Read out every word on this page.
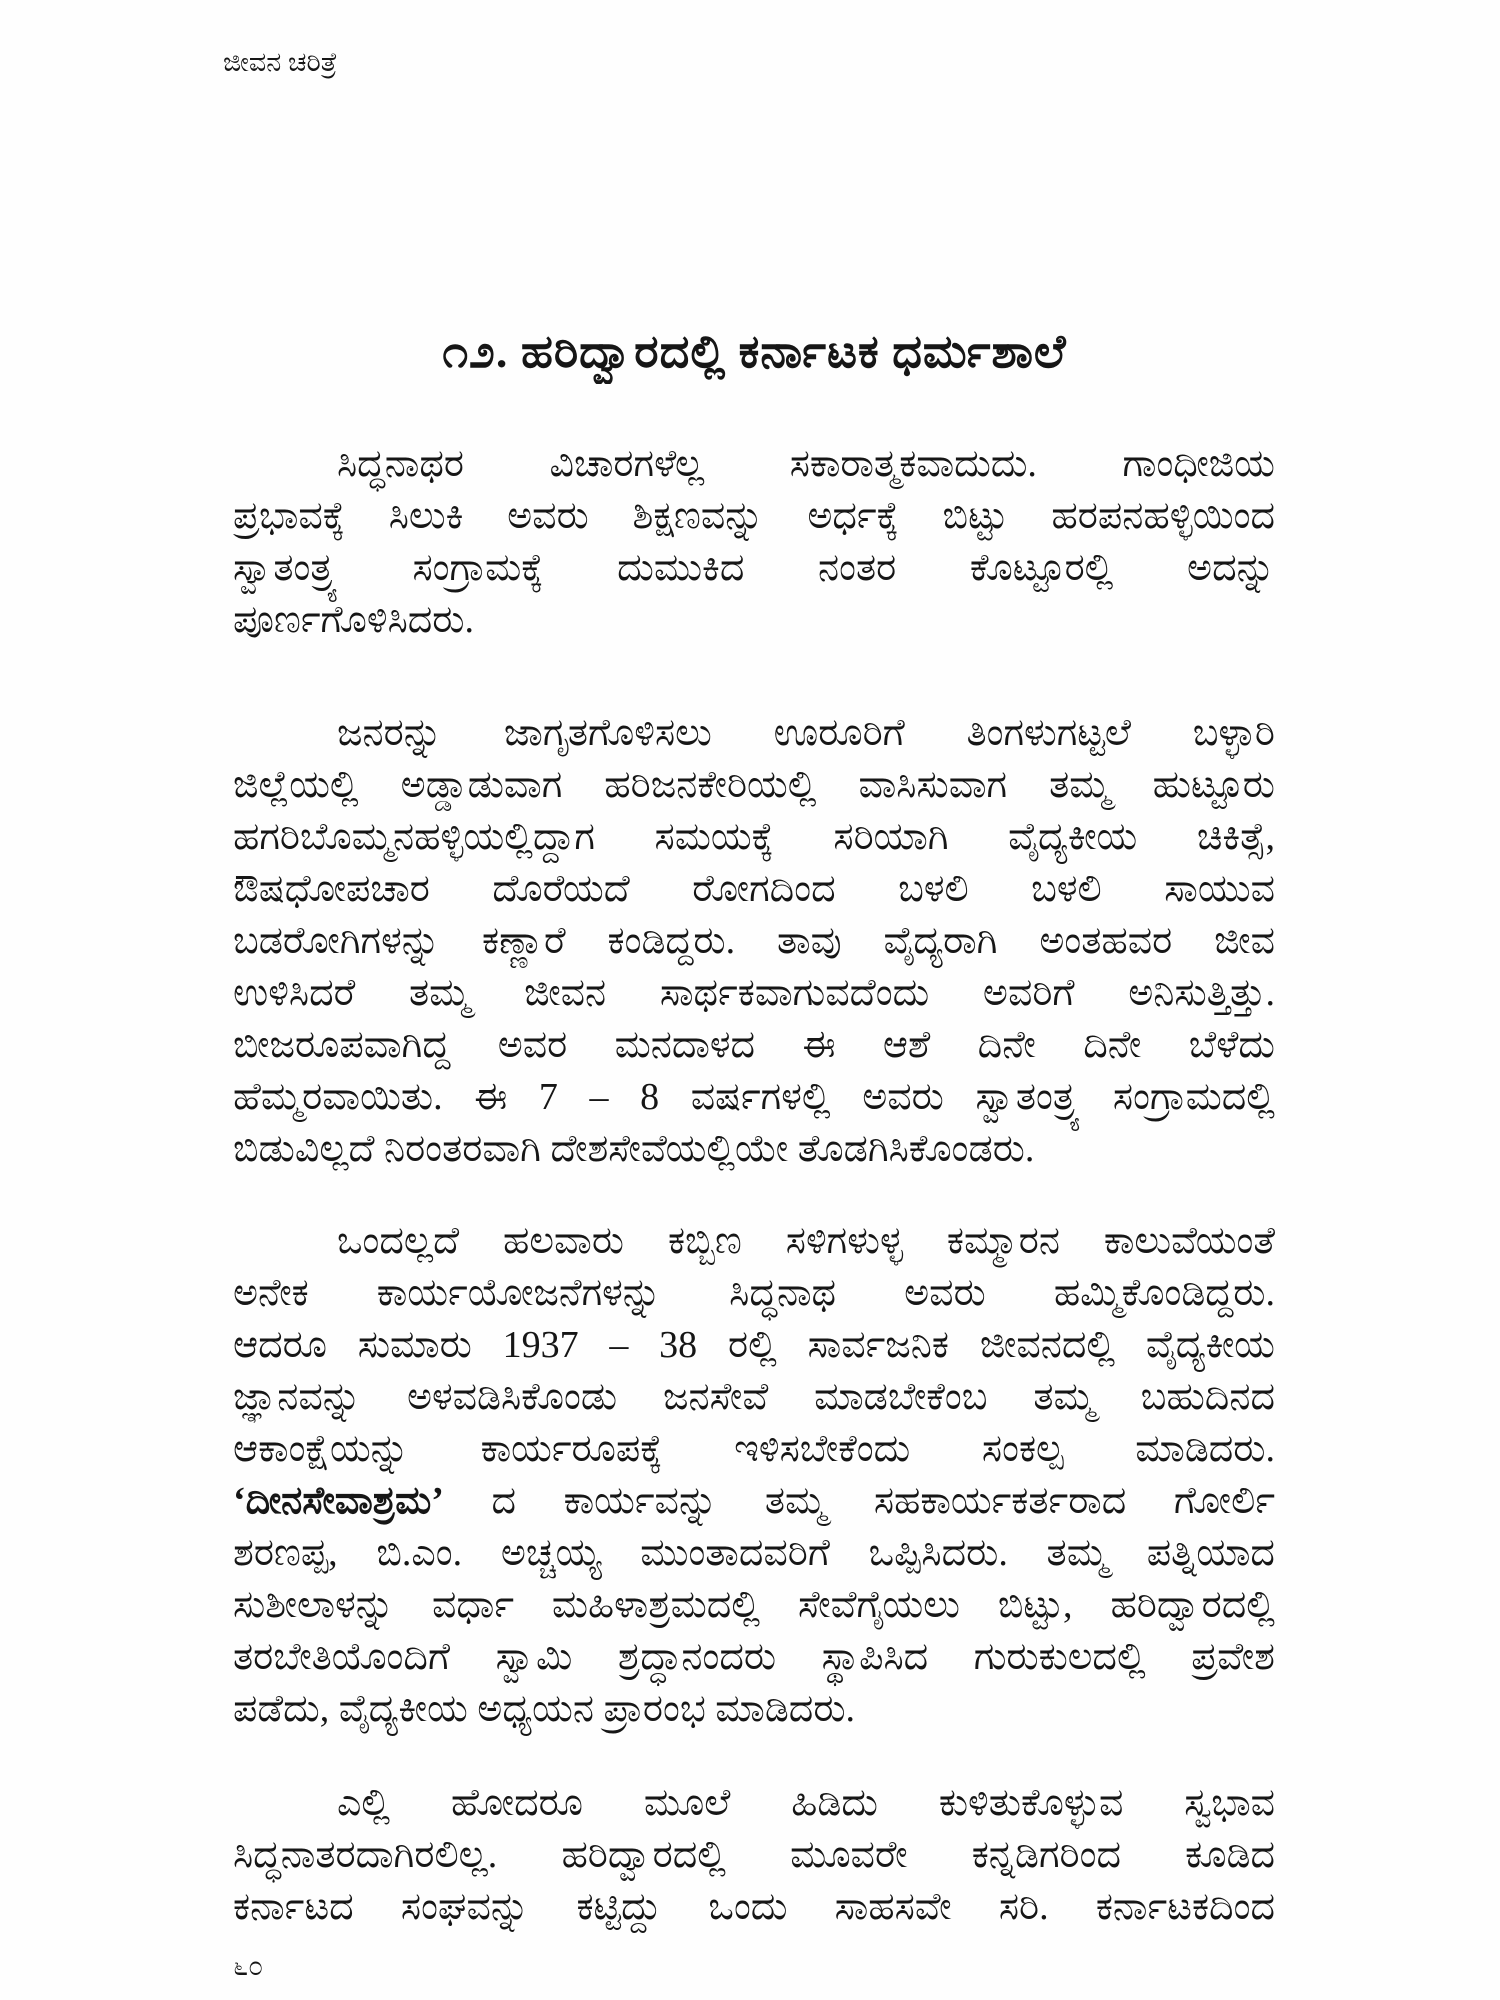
ಜೀವನ ಚರಿತ್ರೆ
೧೨. ಹರಿದ್ವಾರದಲ್ಲಿ ಕರ್ನಾಟಕ ಧರ್ಮಶಾಲೆ
ಸಿದ್ಧನಾಥರ ವಿಚಾರಗಳೆಲ್ಲ ಸಕಾರಾತ್ಮಕವಾದುದು. ಗಾಂಧೀಜಿಯ
ಪ್ರಭಾವಕ್ಕೆ ಸಿಲುಕಿ ಅವರು ಶಿಕ್ಷಣವನ್ನು ಅರ್ಧಕ್ಕೆ ಬಿಟ್ಟು ಹರಪನಹಳ್ಳಿಯಿಂದ
ಸ್ವಾತಂತ್ರ್ಯ ಸಂಗ್ರಾಮಕ್ಕೆ ದುಮುಕಿದ ನಂತರ ಕೊಟ್ಟೂರಲ್ಲಿ ಅದನ್ನು
ಪೂರ್ಣಗೊಳಿಸಿದರು.
ಜನರನ್ನು ಜಾಗೃತಗೊಳಿಸಲು ಊರೂರಿಗೆ ತಿಂಗಳುಗಟ್ಟಲೆ ಬಳ್ಳಾರಿ
ಜಿಲ್ಲೆಯಲ್ಲಿ ಅಡ್ಡಾಡುವಾಗ ಹರಿಜನಕೇರಿಯಲ್ಲಿ ವಾಸಿಸುವಾಗ ತಮ್ಮ ಹುಟ್ಟೂರು
ಹಗರಿಬೊಮ್ಮನಹಳ್ಳಿಯಲ್ಲಿದ್ದಾಗ ಸಮಯಕ್ಕೆ ಸರಿಯಾಗಿ ವೈದ್ಯಕೀಯ ಚಿಕಿತ್ಸೆ,
ಔಷಧೋಪಚಾರ ದೊರೆಯದೆ ರೋಗದಿಂದ ಬಳಲಿ ಬಳಲಿ ಸಾಯುವ
ಬಡರೋಗಿಗಳನ್ನು ಕಣ್ಣಾರೆ ಕಂಡಿದ್ದರು. ತಾವು ವೈದ್ಯರಾಗಿ ಅಂತಹವರ ಜೀವ
ಉಳಿಸಿದರೆ ತಮ್ಮ ಜೀವನ ಸಾರ್ಥಕವಾಗುವದೆಂದು ಅವರಿಗೆ ಅನಿಸುತ್ತಿತ್ತು.
ಬೀಜರೂಪವಾಗಿದ್ದ ಅವರ ಮನದಾಳದ ಈ ಆಶೆ ದಿನೇ ದಿನೇ ಬೆಳೆದು
ಹೆಮ್ಮರವಾಯಿತು. ಈ 7 – 8 ವರ್ಷಗಳಲ್ಲಿ ಅವರು ಸ್ವಾತಂತ್ರ್ಯ ಸಂಗ್ರಾಮದಲ್ಲಿ
ಬಿಡುವಿಲ್ಲದೆ ನಿರಂತರವಾಗಿ ದೇಶಸೇವೆಯಲ್ಲಿಯೇ ತೊಡಗಿಸಿಕೊಂಡರು.
ಒಂದಲ್ಲದೆ ಹಲವಾರು ಕಬ್ಬಿಣ ಸಳಿಗಳುಳ್ಳ ಕಮ್ಮಾರನ ಕಾಲುವೆಯಂತೆ
ಅನೇಕ ಕಾರ್ಯಯೋಜನೆಗಳನ್ನು ಸಿದ್ಧನಾಥ ಅವರು ಹಮ್ಮಿಕೊಂಡಿದ್ದರು.
ಆದರೂ ಸುಮಾರು 1937 – 38 ರಲ್ಲಿ ಸಾರ್ವಜನಿಕ ಜೀವನದಲ್ಲಿ ವೈದ್ಯಕೀಯ
ಜ್ಞಾನವನ್ನು ಅಳವಡಿಸಿಕೊಂಡು ಜನಸೇವೆ ಮಾಡಬೇಕೆಂಬ ತಮ್ಮ ಬಹುದಿನದ
ಆಕಾಂಕ್ಷೆಯನ್ನು ಕಾರ್ಯರೂಪಕ್ಕೆ ಇಳಿಸಬೇಕೆಂದು ಸಂಕಲ್ಪ ಮಾಡಿದರು.
‘ದೀನಸೇವಾಶ್ರಮ’ ದ ಕಾರ್ಯವನ್ನು ತಮ್ಮ ಸಹಕಾರ್ಯಕರ್ತರಾದ ಗೋರ್ಲಿ
ಶರಣಪ್ಪ, ಬಿ.ಎಂ. ಅಚ್ಚಯ್ಯ ಮುಂತಾದವರಿಗೆ ಒಪ್ಪಿಸಿದರು. ತಮ್ಮ ಪತ್ನಿಯಾದ
ಸುಶೀಲಾಳನ್ನು ವರ್ಧಾ ಮಹಿಳಾಶ್ರಮದಲ್ಲಿ ಸೇವೆಗೈಯಲು ಬಿಟ್ಟು, ಹರಿದ್ವಾರದಲ್ಲಿ
ತರಬೇತಿಯೊಂದಿಗೆ ಸ್ವಾಮಿ ಶ್ರದ್ಧಾನಂದರು ಸ್ಥಾಪಿಸಿದ ಗುರುಕುಲದಲ್ಲಿ ಪ್ರವೇಶ
ಪಡೆದು, ವೈದ್ಯಕೀಯ ಅಧ್ಯಯನ ಪ್ರಾರಂಭ ಮಾಡಿದರು.
ಎಲ್ಲಿ ಹೋದರೂ ಮೂಲೆ ಹಿಡಿದು ಕುಳಿತುಕೊಳ್ಳುವ ಸ್ವಭಾವ
ಸಿದ್ಧನಾತರದಾಗಿರಲಿಲ್ಲ. ಹರಿದ್ವಾರದಲ್ಲಿ ಮೂವರೇ ಕನ್ನಡಿಗರಿಂದ ಕೂಡಿದ
ಕರ್ನಾಟದ ಸಂಘವನ್ನು ಕಟ್ಟಿದ್ದು ಒಂದು ಸಾಹಸವೇ ಸರಿ. ಕರ್ನಾಟಕದಿಂದ
೬೦
